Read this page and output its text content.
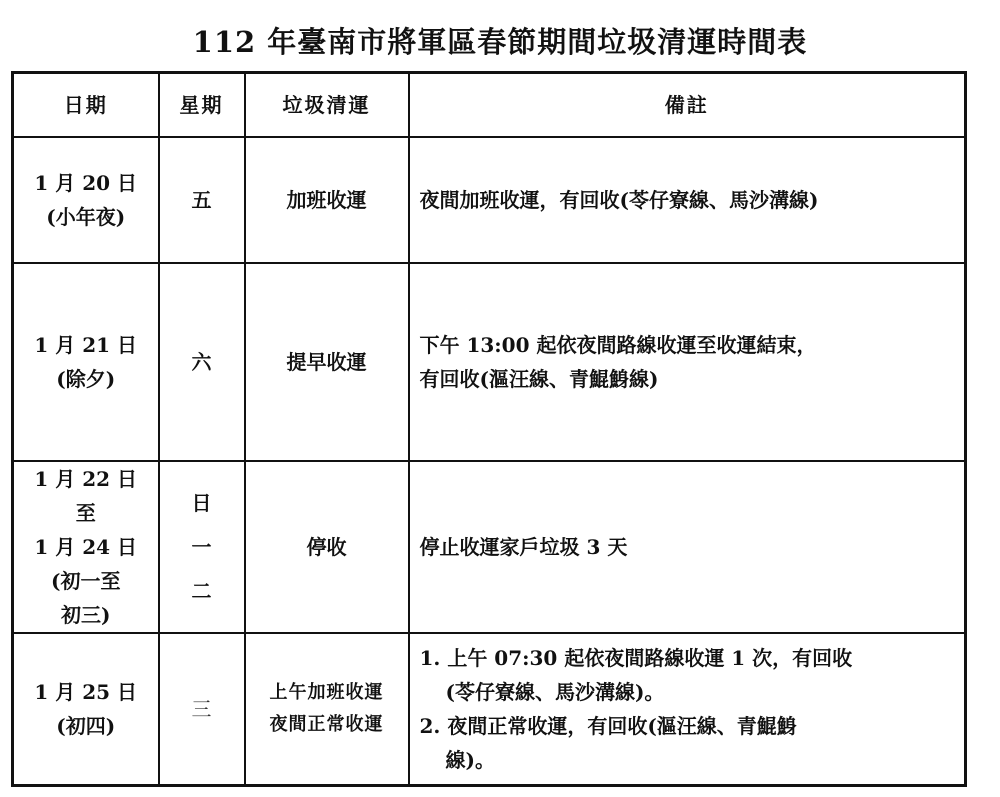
112 年臺南市將軍區春節期間垃圾清運時間表
日期	星期	垃圾清運	備註

1 月 20 日
(小年夜)	五	加班收運	夜間加班收運，有回收(苓仔寮線、馬沙溝線)

1 月 21 日
(除夕)	六	提早收運	下午 13:00 起依夜間路線收運至收運結束，
有回收(漚汪線、青鯤鯓線)

1 月 22 日
至
1 月 24 日
(初一至
初三)	日
一
二	停收	停止收運家戶垃圾 3 天

1 月 25 日
(初四)	三	上午加班收運
夜間正常收運	1. 上午 07:30 起依夜間路線收運 1 次，有回收
(苓仔寮線、馬沙溝線)。
2. 夜間正常收運，有回收(漚汪線、青鯤鯓
線)。
